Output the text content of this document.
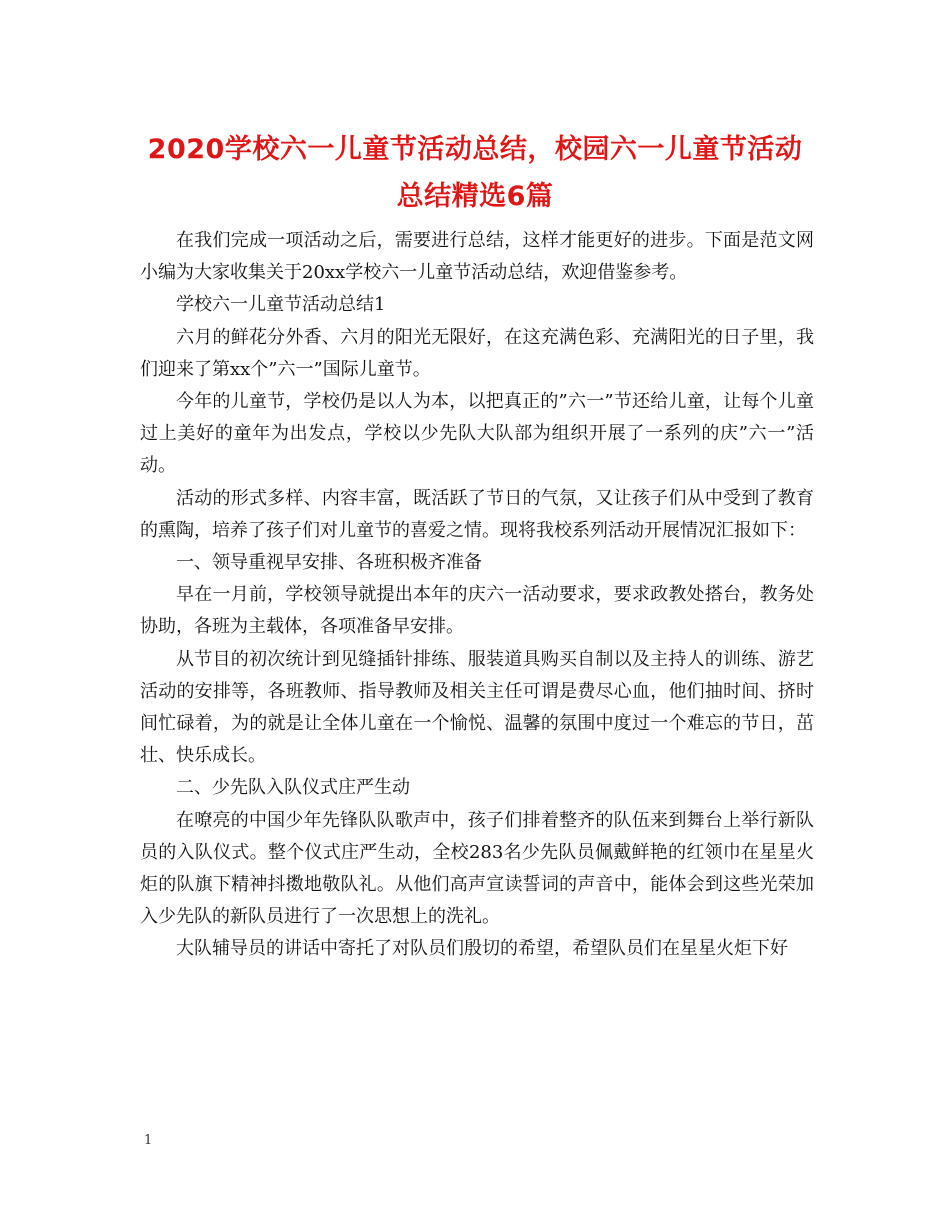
2020学校六一儿童节活动总结，校园六一儿童节活动总结精选6篇

在我们完成一项活动之后，需要进行总结，这样才能更好的进步。下面是范文网小编为大家收集关于20xx学校六一儿童节活动总结，欢迎借鉴参考。

学校六一儿童节活动总结1

六月的鲜花分外香、六月的阳光无限好，在这充满色彩、充满阳光的日子里，我们迎来了第xx个”六一”国际儿童节。

今年的儿童节，学校仍是以人为本，以把真正的”六一”节还给儿童，让每个儿童过上美好的童年为出发点，学校以少先队大队部为组织开展了一系列的庆”六一”活动。

活动的形式多样、内容丰富，既活跃了节日的气氛，又让孩子们从中受到了教育的熏陶，培养了孩子们对儿童节的喜爱之情。现将我校系列活动开展情况汇报如下：

一、领导重视早安排、各班积极齐准备

早在一月前，学校领导就提出本年的庆六一活动要求，要求政教处搭台，教务处协助，各班为主载体，各项准备早安排。

从节目的初次统计到见缝插针排练、服装道具购买自制以及主持人的训练、游艺活动的安排等，各班教师、指导教师及相关主任可谓是费尽心血，他们抽时间、挤时间忙碌着，为的就是让全体儿童在一个愉悦、温馨的氛围中度过一个难忘的节日，茁壮、快乐成长。

二、少先队入队仪式庄严生动

在嘹亮的中国少年先锋队队歌声中，孩子们排着整齐的队伍来到舞台上举行新队员的入队仪式。整个仪式庄严生动，全校283名少先队员佩戴鲜艳的红领巾在星星火炬的队旗下精神抖擞地敬队礼。从他们高声宣读誓词的声音中，能体会到这些光荣加入少先队的新队员进行了一次思想上的洗礼。

大队辅导员的讲话中寄托了对队员们殷切的希望，希望队员们在星星火炬下好

1
